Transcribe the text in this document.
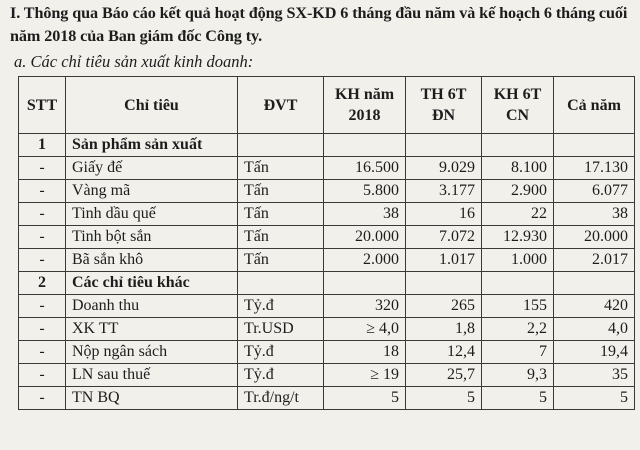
I. Thông qua Báo cáo kết quả hoạt động SX-KD 6 tháng đầu năm và kế hoạch 6 tháng cuối năm 2018 của Ban giám đốc Công ty.
a. Các chỉ tiêu sản xuất kinh doanh:
STT	Chỉ tiêu	ĐVT	KH năm 2018	TH 6T ĐN	KH 6T CN	Cả năm
1	Sản phẩm sản xuất					
-	Giấy đế	Tấn	16.500	9.029	8.100	17.130
-	Vàng mã	Tấn	5.800	3.177	2.900	6.077
-	Tinh dầu quế	Tấn	38	16	22	38
-	Tinh bột sắn	Tấn	20.000	7.072	12.930	20.000
-	Bã sắn khô	Tấn	2.000	1.017	1.000	2.017
2	Các chỉ tiêu khác					
-	Doanh thu	Tỷ.đ	320	265	155	420
-	XK TT	Tr.USD	≥ 4,0	1,8	2,2	4,0
-	Nộp ngân sách	Tỷ.đ	18	12,4	7	19,4
-	LN sau thuế	Tỷ.đ	≥ 19	25,7	9,3	35
-	TN BQ	Tr.đ/ng/t	5	5	5	5
